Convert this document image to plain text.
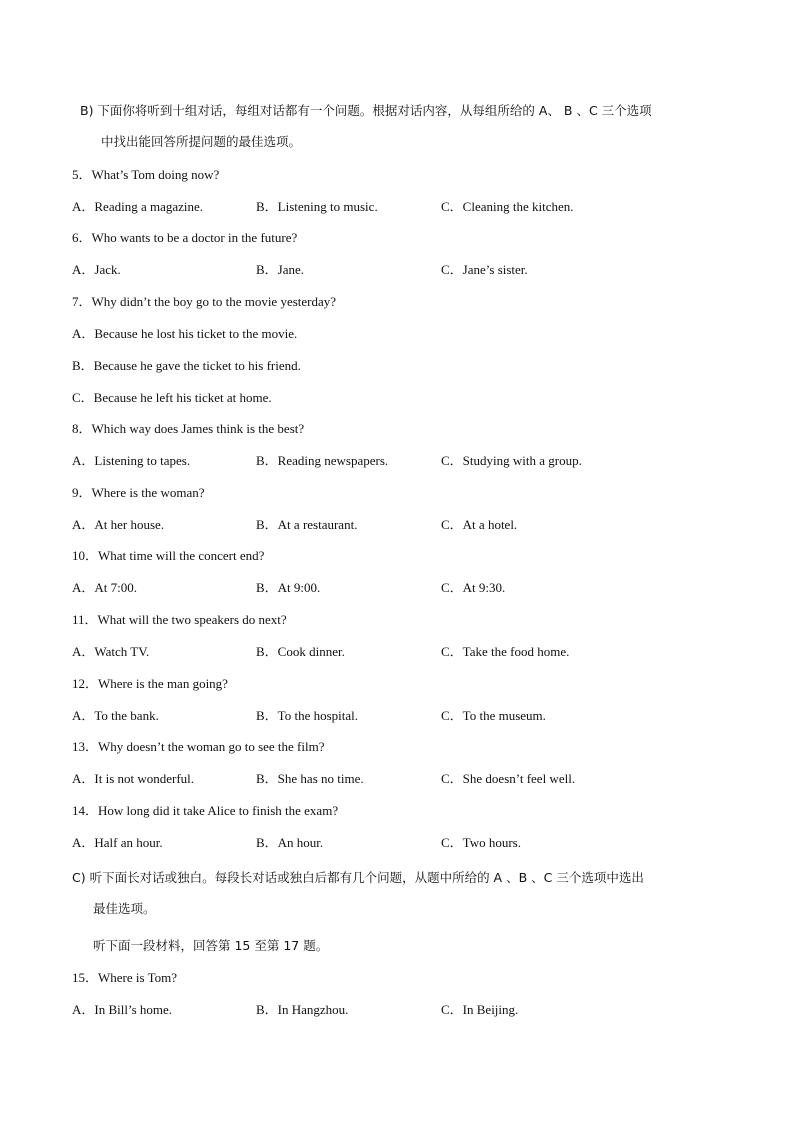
B) 下面你将听到十组对话，每组对话都有一个问题。根据对话内容，从每组所给的 A、 B 、C 三个选项
中找出能回答所提问题的最佳选项。
5．What’s Tom doing now?
A．Reading a magazine.	B．Listening to music.	C．Cleaning the kitchen.
6．Who wants to be a doctor in the future?
A．Jack.	B．Jane.	C．Jane’s sister.
7．Why didn’t the boy go to the movie yesterday?
A．Because he lost his ticket to the movie.
B．Because he gave the ticket to his friend.
C．Because he left his ticket at home.
8．Which way does James think is the best?
A．Listening to tapes.	B．Reading newspapers.	C．Studying with a group.
9．Where is the woman?
A．At her house.	B．At a restaurant.	C．At a hotel.
10．What time will the concert end?
A．At 7:00.	B．At 9:00.	C．At 9:30.
11．What will the two speakers do next?
A．Watch TV.	B．Cook dinner.	C．Take the food home.
12．Where is the man going?
A．To the bank.	B．To the hospital.	C．To the museum.
13．Why doesn’t the woman go to see the film?
A．It is not wonderful.	B．She has no time.	C．She doesn’t feel well.
14．How long did it take Alice to finish the exam?
A．Half an hour.	B．An hour.	C．Two hours.
C) 听下面长对话或独白。每段长对话或独白后都有几个问题，从题中所给的 A 、B 、C 三个选项中选出
最佳选项。
听下面一段材料，回答第 15 至第 17 题。
15．Where is Tom?
A．In Bill’s home.	B．In Hangzhou.	C．In Beijing.
